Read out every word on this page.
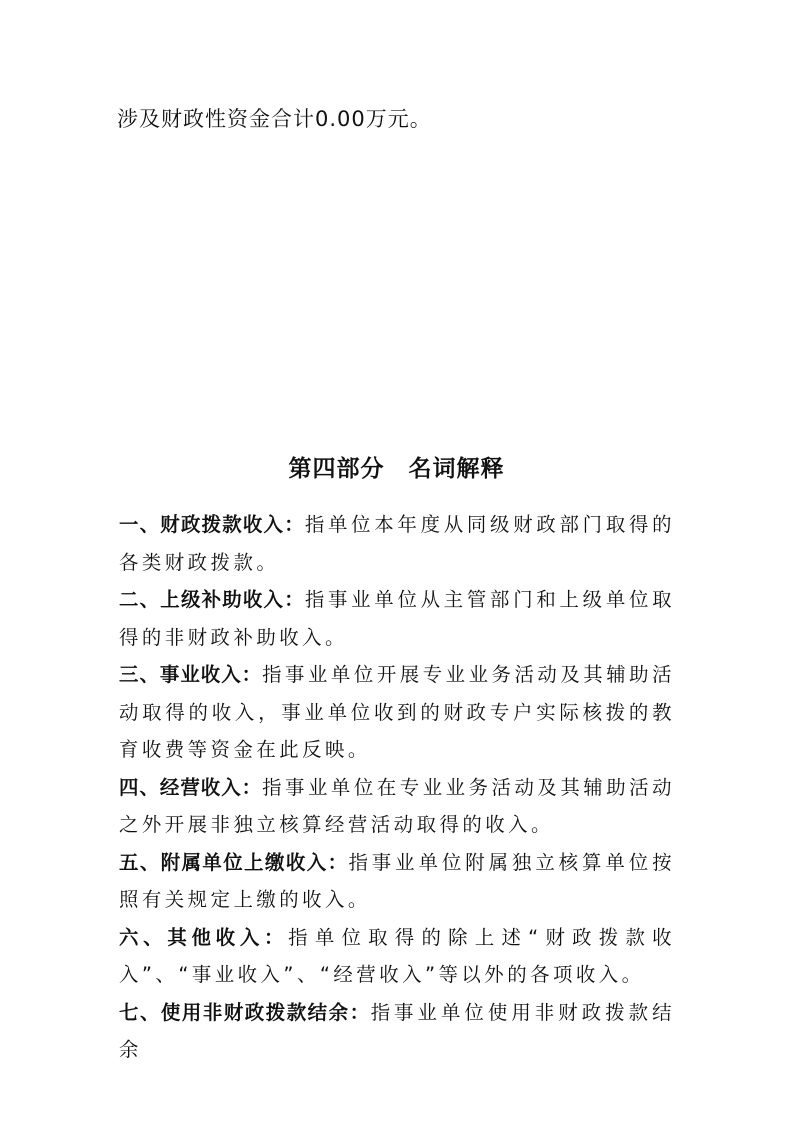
涉及财政性资金合计0.00万元。
第四部分　名词解释

一、财政拨款收入：指单位本年度从同级财政部门取得的各类财政拨款。

二、上级补助收入：指事业单位从主管部门和上级单位取得的非财政补助收入。

三、事业收入：指事业单位开展专业业务活动及其辅助活动取得的收入，事业单位收到的财政专户实际核拨的教育收费等资金在此反映。

四、经营收入：指事业单位在专业业务活动及其辅助活动之外开展非独立核算经营活动取得的收入。

五、附属单位上缴收入：指事业单位附属独立核算单位按照有关规定上缴的收入。

六、其他收入：指单位取得的除上述“财政拨款收入”、“事业收入”、“经营收入”等以外的各项收入。

七、使用非财政拨款结余：指事业单位使用非财政拨款结余
